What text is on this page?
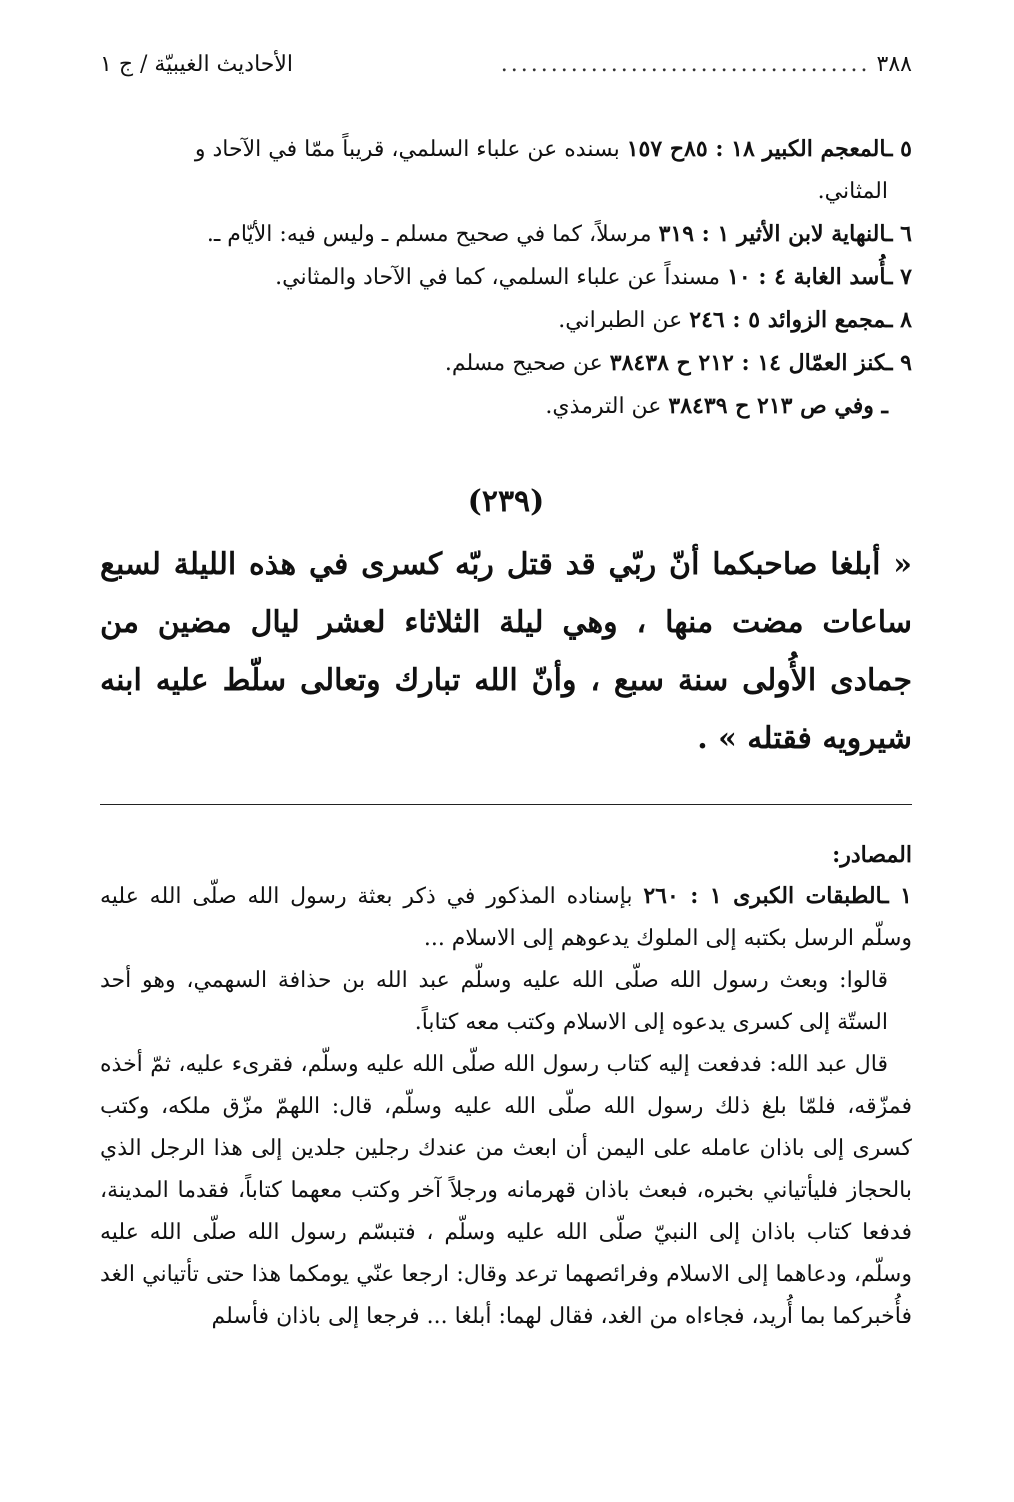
٣٨٨
.....................................
الأحاديث الغيبيّة / ج ١
٥ ـالمعجم الكبير ١٨ : ٨٥ح ١٥٧ بسنده عن علباء السلمي، قريباً ممّا في الآحاد و
المثاني.
٦ ـالنهاية لابن الأثير ١ : ٣١٩ مرسلاً، كما في صحيح مسلم ـ وليس فيه: الأيّام ـ.
٧ ـأُسد الغابة ٤ : ١٠ مسنداً عن علباء السلمي، كما في الآحاد والمثاني.
٨ ـمجمع الزوائد ٥ : ٢٤٦ عن الطبراني.
٩ ـكنز العمّال ١٤ : ٢١٢ ح ٣٨٤٣٨ عن صحيح مسلم.
ـ وفي ص ٢١٣ ح ٣٨٤٣٩ عن الترمذي.
(٢٣٩)
« أبلغا صاحبكما أنّ ربّي قد قتل ربّه كسرى في هذه الليلة لسبع ساعات مضت منها ، وهي ليلة الثلاثاء لعشر ليال مضين من جمادى الأُولى سنة سبع ، وأنّ الله تبارك وتعالى سلّط عليه ابنه شيرويه فقتله » .
المصادر:
١ ـالطبقات الكبرى ١ : ٢٦٠ بإسناده المذكور في ذكر بعثة رسول الله صلّى الله عليه وسلّم الرسل بكتبه إلى الملوك يدعوهم إلى الاسلام ...
قالوا: وبعث رسول الله صلّى الله عليه وسلّم عبد الله بن حذافة السهمي، وهو أحد الستّة إلى كسرى يدعوه إلى الاسلام وكتب معه كتاباً.
قال عبد الله: فدفعت إليه كتاب رسول الله صلّى الله عليه وسلّم، فقرىء عليه، ثمّ أخذه فمزّقه، فلمّا بلغ ذلك رسول الله صلّى الله عليه وسلّم، قال: اللهمّ مزّق ملكه، وكتب كسرى إلى باذان عامله على اليمن أن ابعث من عندك رجلين جلدين إلى هذا الرجل الذي بالحجاز فليأتياني بخبره، فبعث باذان قهرمانه ورجلاً آخر وكتب معهما كتاباً، فقدما المدينة، فدفعا كتاب باذان إلى النبيّ صلّى الله عليه وسلّم ، فتبسّم رسول الله صلّى الله عليه وسلّم، ودعاهما إلى الاسلام وفرائصهما ترعد وقال: ارجعا عنّي يومكما هذا حتى تأتياني الغد فأُخبركما بما أُريد، فجاءاه من الغد، فقال لهما: أبلغا ... فرجعا إلى باذان فأسلم
